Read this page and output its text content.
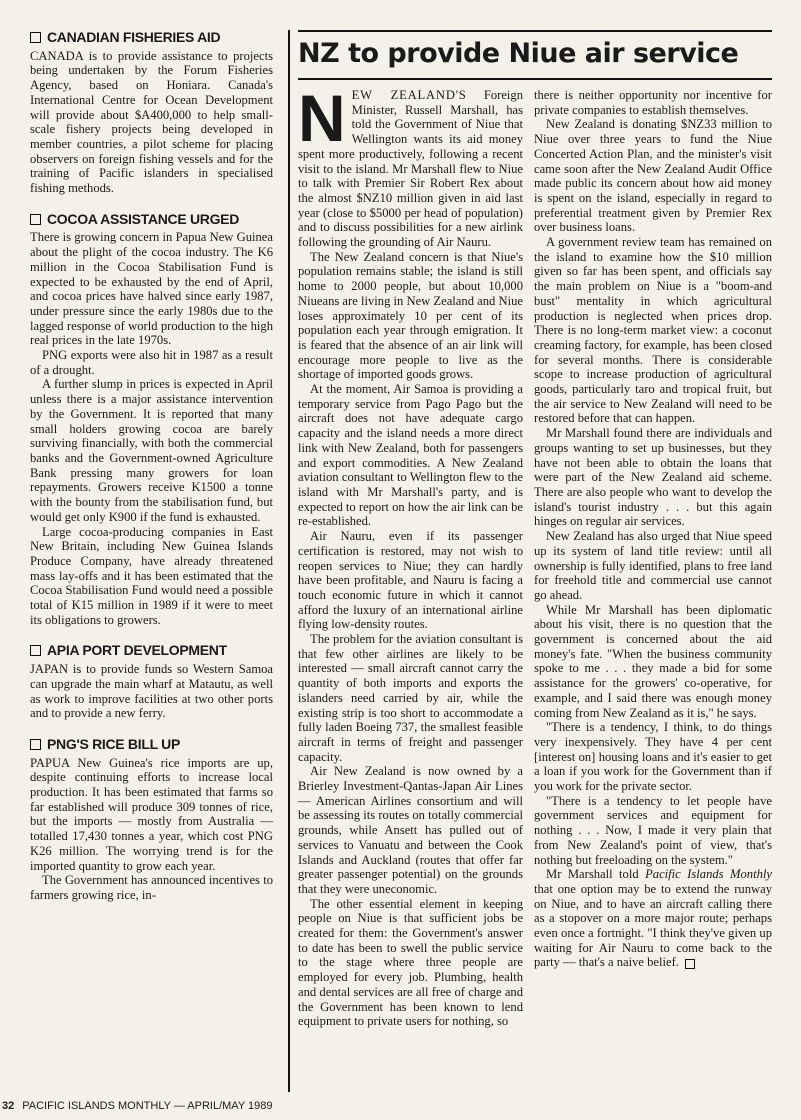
NZ to provide Niue air service
CANADIAN FISHERIES AID

CANADA is to provide assistance to projects being undertaken by the Forum Fisheries Agency, based on Honiara. Canada's International Centre for Ocean Development will provide about $A400,000 to help small-scale fishery projects being developed in member countries, a pilot scheme for placing observers on foreign fishing vessels and for the training of Pacific islanders in specialised fishing methods.

COCOA ASSISTANCE URGED

There is growing concern in Papua New Guinea about the plight of the cocoa industry. The K6 million in the Cocoa Stabilisation Fund is expected to be exhausted by the end of April, and cocoa prices have halved since early 1987, under pressure since the early 1980s due to the lagged response of world production to the high real prices in the late 1970s.

PNG exports were also hit in 1987 as a result of a drought.

A further slump in prices is expected in April unless there is a major assistance intervention by the Government. It is reported that many small holders growing cocoa are barely surviving financially, with both the commercial banks and the Government-owned Agriculture Bank pressing many growers for loan repayments. Growers receive K1500 a tonne with the bounty from the stabilisation fund, but would get only K900 if the fund is exhausted.

Large cocoa-producing companies in East New Britain, including New Guinea Islands Produce Company, have already threatened mass lay-offs and it has been estimated that the Cocoa Stabilisation Fund would need a possible total of K15 million in 1989 if it were to meet its obligations to growers.

APIA PORT DEVELOPMENT

JAPAN is to provide funds so Western Samoa can upgrade the main wharf at Matautu, as well as work to improve facilities at two other ports and to provide a new ferry.

PNG'S RICE BILL UP

PAPUA New Guinea's rice imports are up, despite continuing efforts to increase local production. It has been estimated that farms so far established will produce 309 tonnes of rice, but the imports — mostly from Australia — totalled 17,430 tonnes a year, which cost PNG K26 million. The worrying trend is for the imported quantity to grow each year.

The Government has announced incentives to farmers growing rice, in-

NEW ZEALAND'S Foreign Minister, Russell Marshall, has told the Government of Niue that Wellington wants its aid money spent more productively, following a recent visit to the island. Mr Marshall flew to Niue to talk with Premier Sir Robert Rex about the almost $NZ10 million given in aid last year (close to $5000 per head of population) and to discuss possibilities for a new airlink following the grounding of Air Nauru.

The New Zealand concern is that Niue's population remains stable; the island is still home to 2000 people, but about 10,000 Niueans are living in New Zealand and Niue loses approximately 10 per cent of its population each year through emigration. It is feared that the absence of an air link will encourage more people to live as the shortage of imported goods grows.

At the moment, Air Samoa is providing a temporary service from Pago Pago but the aircraft does not have adequate cargo capacity and the island needs a more direct link with New Zealand, both for passengers and export commodities. A New Zealand aviation consultant to Wellington flew to the island with Mr Marshall's party, and is expected to report on how the air link can be re-established.

Air Nauru, even if its passenger certification is restored, may not wish to reopen services to Niue; they can hardly have been profitable, and Nauru is facing a touch economic future in which it cannot afford the luxury of an international airline flying low-density routes.

The problem for the aviation consultant is that few other airlines are likely to be interested — small aircraft cannot carry the quantity of both imports and exports the islanders need carried by air, while the existing strip is too short to accommodate a fully laden Boeing 737, the smallest feasible aircraft in terms of freight and passenger capacity.

Air New Zealand is now owned by a Brierley Investment-Qantas-Japan Air Lines — American Airlines consortium and will be assessing its routes on totally commercial grounds, while Ansett has pulled out of services to Vanuatu and between the Cook Islands and Auckland (routes that offer far greater passenger potential) on the grounds that they were uneconomic.

The other essential element in keeping people on Niue is that sufficient jobs be created for them: the Government's answer to date has been to swell the public service to the stage where three people are employed for every job. Plumbing, health and dental services are all free of charge and the Government has been known to lend equipment to private users for nothing, so

there is neither opportunity nor incentive for private companies to establish themselves.

New Zealand is donating $NZ33 million to Niue over three years to fund the Niue Concerted Action Plan, and the minister's visit came soon after the New Zealand Audit Office made public its concern about how aid money is spent on the island, especially in regard to preferential treatment given by Premier Rex over business loans.

A government review team has remained on the island to examine how the $10 million given so far has been spent, and officials say the main problem on Niue is a "boom-and bust" mentality in which agricultural production is neglected when prices drop. There is no long-term market view: a coconut creaming factory, for example, has been closed for several months. There is considerable scope to increase production of agricultural goods, particularly taro and tropical fruit, but the air service to New Zealand will need to be restored before that can happen.

Mr Marshall found there are individuals and groups wanting to set up businesses, but they have not been able to obtain the loans that were part of the New Zealand aid scheme. There are also people who want to develop the island's tourist industry . . . but this again hinges on regular air services.

New Zealand has also urged that Niue speed up its system of land title review: until all ownership is fully identified, plans to free land for freehold title and commercial use cannot go ahead.

While Mr Marshall has been diplomatic about his visit, there is no question that the government is concerned about the aid money's fate. "When the business community spoke to me . . . they made a bid for some assistance for the growers' co-operative, for example, and I said there was enough money coming from New Zealand as it is," he says.

"There is a tendency, I think, to do things very inexpensively. They have 4 per cent [interest on] housing loans and it's easier to get a loan if you work for the Government than if you work for the private sector.

"There is a tendency to let people have government services and equipment for nothing . . . Now, I made it very plain that from New Zealand's point of view, that's nothing but freeloading on the system."

Mr Marshall told Pacific Islands Monthly that one option may be to extend the runway on Niue, and to have an aircraft calling there as a stopover on a more major route; perhaps even once a fortnight. "I think they've given up waiting for Air Nauru to come back to the party — that's a naive belief.

32 PACIFIC ISLANDS MONTHLY — APRIL/MAY 1989
